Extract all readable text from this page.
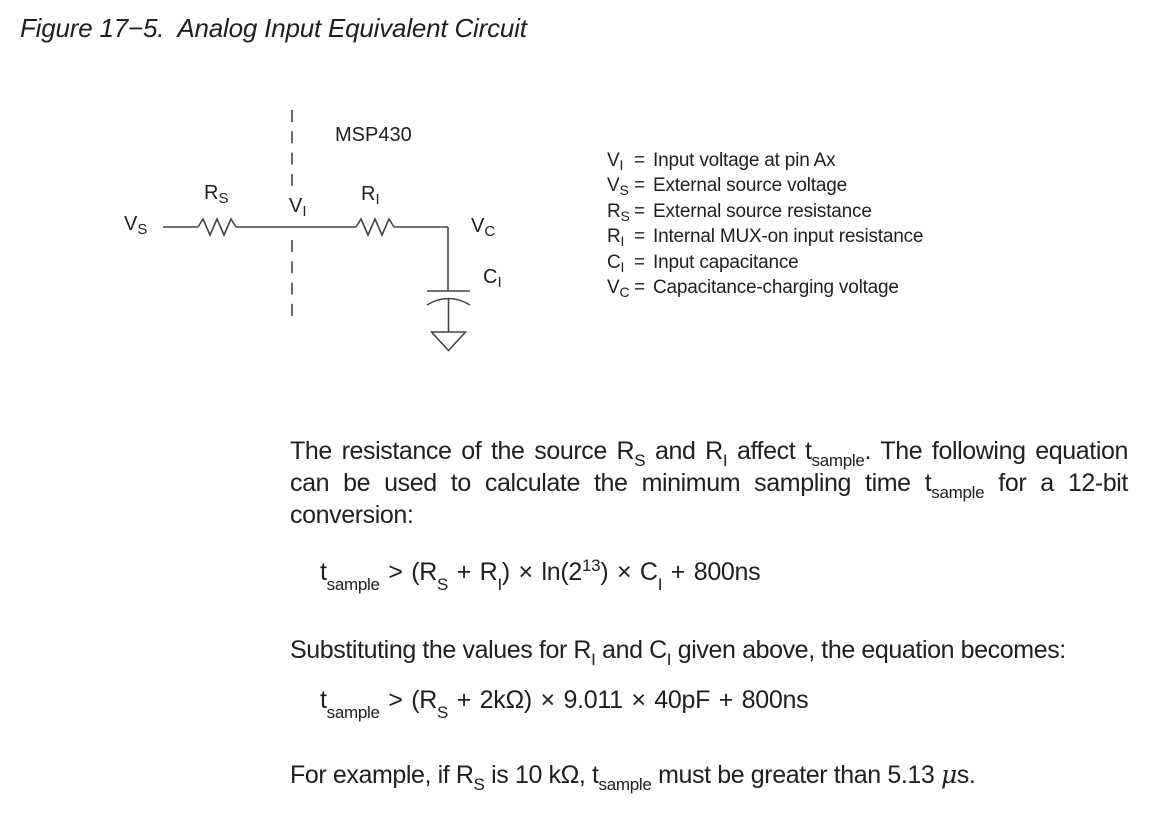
Figure 17−5.  Analog Input Equivalent Circuit
$V_S$
$R_S$	$V_I$
$R_I$
MSP430
$V_C$
$C_I$
$V_I$ = Input voltage at pin Ax
$V_S$ = External source voltage
$R_S$ = External source resistance
$R_I$ = Internal MUX-on input resistance
$C_I$ = Input capacitance
$V_C$ = Capacitance-charging voltage
The resistance of the source $R_S$ and $R_I$ affect $t_{sample}$. The following equation
can be used to calculate the minimum sampling time $t_{sample}$ for a 12-bit
conversion:
$t_{sample} > (R_S + R_I) \times \ln(2^{13}) \times C_I + 800ns$
Substituting the values for $R_I$ and $C_I$ given above, the equation becomes:
$t_{sample} > (R_S + 2k\Omega) \times 9.011 \times 40pF + 800ns$
For example, if $R_S$ is 10 kΩ, $t_{sample}$ must be greater than 5.13 μs.
